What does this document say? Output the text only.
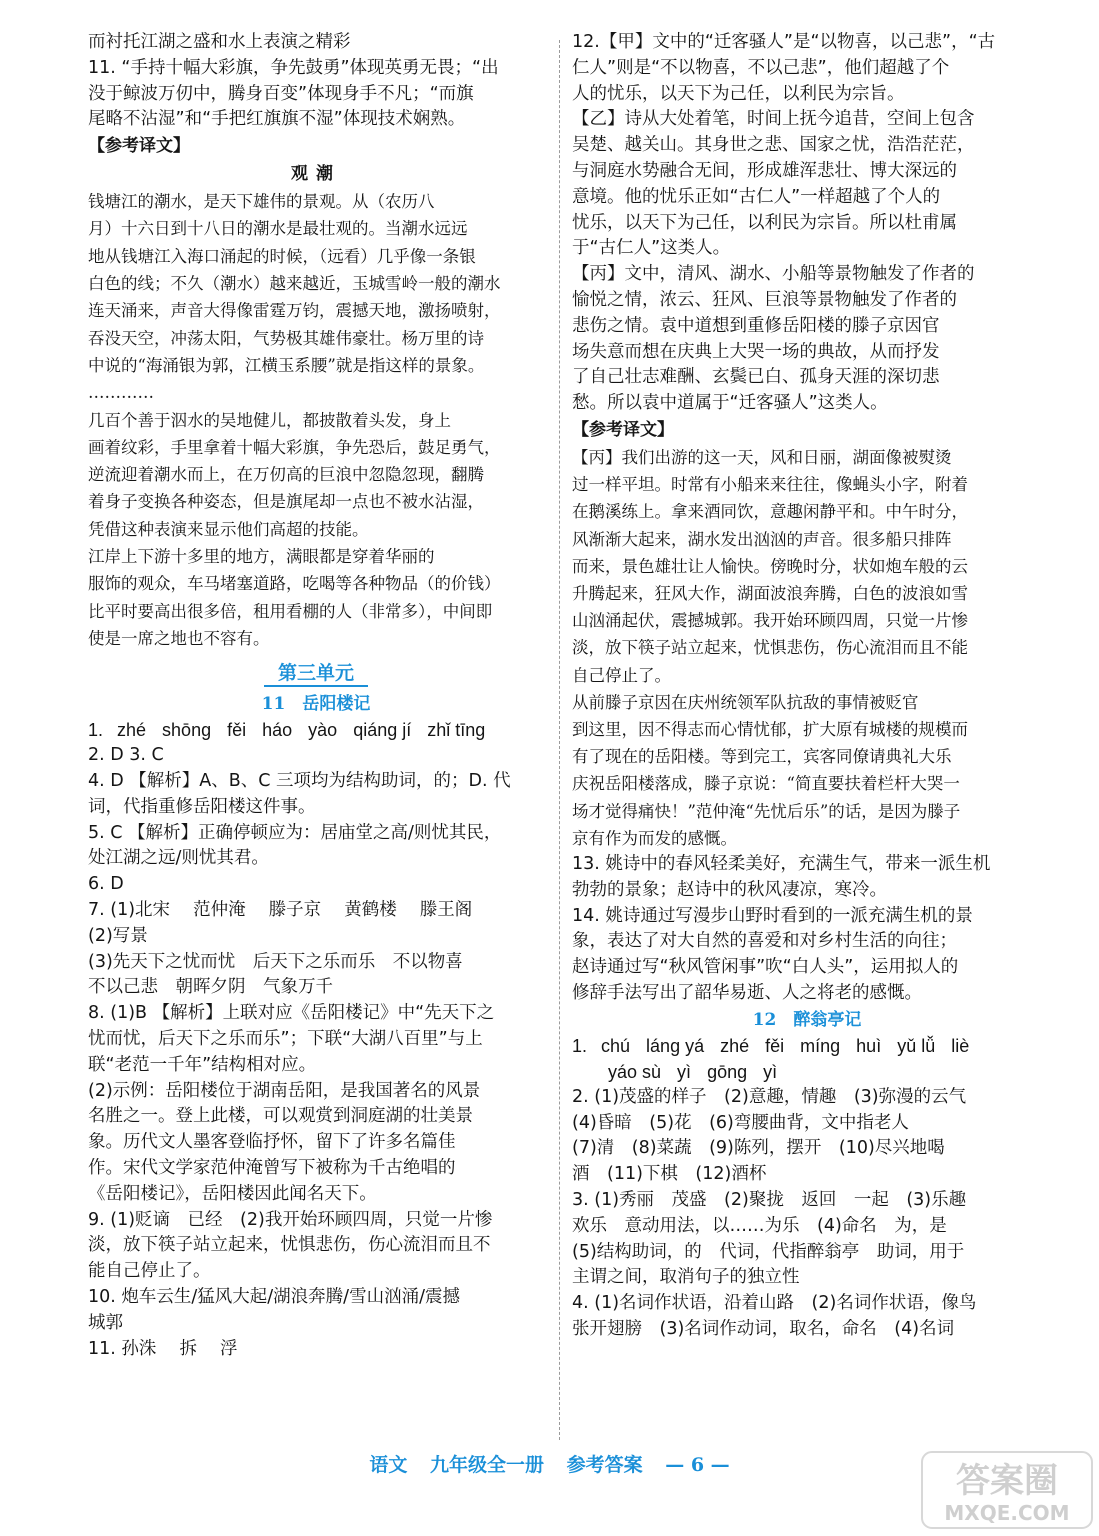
而衬托江湖之盛和水上表演之精彩
11. “手持十幅大彩旗，争先鼓勇”体现英勇无畏；“出
没于鲸波万仞中，腾身百变”体现身手不凡；“而旗
尾略不沾湿”和“手把红旗旗不湿”体现技术娴熟。
【参考译文】
观潮
钱塘江的潮水，是天下雄伟的景观。从（农历八
月）十六日到十八日的潮水是最壮观的。当潮水远远
地从钱塘江入海口涌起的时候，（远看）几乎像一条银
白色的线；不久（潮水）越来越近，玉城雪岭一般的潮水
连天涌来，声音大得像雷霆万钧，震撼天地，激扬喷射，
吞没天空，冲荡太阳，气势极其雄伟豪壮。杨万里的诗
中说的“海涌银为郭，江横玉系腰”就是指这样的景象。
…………
几百个善于泅水的吴地健儿，都披散着头发，身上
画着纹彩，手里拿着十幅大彩旗，争先恐后，鼓足勇气，
逆流迎着潮水而上，在万仞高的巨浪中忽隐忽现，翻腾
着身子变换各种姿态，但是旗尾却一点也不被水沾湿，
凭借这种表演来显示他们高超的技能。
江岸上下游十多里的地方，满眼都是穿着华丽的
服饰的观众，车马堵塞道路，吃喝等各种物品（的价钱）
比平时要高出很多倍，租用看棚的人（非常多），中间即
使是一席之地也不容有。
第三单元
11　岳阳楼记
1. zhé shōng fěi háo yào qiáng jí zhǐ tīng
2. D 3. C
4. D 【解析】A、B、C 三项均为结构助词，的；D. 代
词，代指重修岳阳楼这件事。
5. C 【解析】正确停顿应为：居庙堂之高/则忧其民，
处江湖之远/则忧其君。
6. D
7. (1)北宋　 范仲淹　 滕子京　 黄鹤楼　 滕王阁
(2)写景
(3)先天下之忧而忧　后天下之乐而乐　不以物喜
不以己悲　朝晖夕阴　气象万千
8. (1)B 【解析】上联对应《岳阳楼记》中“先天下之
忧而忧，后天下之乐而乐”；下联“大湖八百里”与上
联“老范一千年”结构相对应。
(2)示例：岳阳楼位于湖南岳阳，是我国著名的风景
名胜之一。登上此楼，可以观赏到洞庭湖的壮美景
象。历代文人墨客登临抒怀，留下了许多名篇佳
作。宋代文学家范仲淹曾写下被称为千古绝唱的
《岳阳楼记》，岳阳楼因此闻名天下。
9. (1)贬谪　已经　(2)我开始环顾四周，只觉一片惨
淡，放下筷子站立起来，忧惧悲伤，伤心流泪而且不
能自己停止了。
10. 炮车云生/猛风大起/湖浪奔腾/雪山汹涌/震撼
城郭
11. 孙洙　 拆　 浮
12.【甲】文中的“迁客骚人”是“以物喜，以己悲”，“古
仁人”则是“不以物喜，不以己悲”，他们超越了个
人的忧乐，以天下为己任，以利民为宗旨。
【乙】诗从大处着笔，时间上抚今追昔，空间上包含
吴楚、越关山。其身世之悲、国家之忧，浩浩茫茫，
与洞庭水势融合无间，形成雄浑悲壮、博大深远的
意境。他的忧乐正如“古仁人”一样超越了个人的
忧乐，以天下为己任，以利民为宗旨。所以杜甫属
于“古仁人”这类人。
【丙】文中，清风、湖水、小船等景物触发了作者的
愉悦之情，浓云、狂风、巨浪等景物触发了作者的
悲伤之情。袁中道想到重修岳阳楼的滕子京因官
场失意而想在庆典上大哭一场的典故，从而抒发
了自己壮志难酬、玄鬓已白、孤身天涯的深切悲
愁。所以袁中道属于“迁客骚人”这类人。
【参考译文】
【丙】我们出游的这一天，风和日丽，湖面像被熨烫
过一样平坦。时常有小船来来往往，像蝇头小字，附着
在鹅溪练上。拿来酒同饮，意趣闲静平和。中午时分，
风渐渐大起来，湖水发出汹汹的声音。很多船只排阵
而来，景色雄壮让人愉快。傍晚时分，状如炮车般的云
升腾起来，狂风大作，湖面波浪奔腾，白色的波浪如雪
山汹涌起伏，震撼城郭。我开始环顾四周，只觉一片惨
淡，放下筷子站立起来，忧惧悲伤，伤心流泪而且不能
自己停止了。
从前滕子京因在庆州统领军队抗敌的事情被贬官
到这里，因不得志而心情忧郁，扩大原有城楼的规模而
有了现在的岳阳楼。等到完工，宾客同僚请典礼大乐
庆祝岳阳楼落成，滕子京说：“简直要扶着栏杆大哭一
场才觉得痛快！”范仲淹“先忧后乐”的话，是因为滕子
京有作为而发的感慨。
13. 姚诗中的春风轻柔美好，充满生气，带来一派生机
勃勃的景象；赵诗中的秋风凄凉，寒冷。
14. 姚诗通过写漫步山野时看到的一派充满生机的景
象，表达了对大自然的喜爱和对乡村生活的向往；
赵诗通过写“秋风管闲事”吹“白人头”，运用拟人的
修辞手法写出了韶华易逝、人之将老的感慨。
12　醉翁亭记
1. chú láng yá zhé fěi míng huì yǔ lǚ liè
yáo sù yì gōng yì
2. (1)茂盛的样子　(2)意趣，情趣　(3)弥漫的云气
(4)昏暗　(5)花　(6)弯腰曲背，文中指老人
(7)清　(8)菜蔬　(9)陈列，摆开　(10)尽兴地喝
酒　(11)下棋　(12)酒杯
3. (1)秀丽　茂盛　(2)聚拢　返回　一起　(3)乐趣
欢乐　意动用法，以……为乐　(4)命名　为，是
(5)结构助词，的　代词，代指醉翁亭　助词，用于
主谓之间，取消句子的独立性
4. (1)名词作状语，沿着山路　(2)名词作状语，像鸟
张开翅膀　(3)名词作动词，取名，命名　(4)名词
语文 九年级全一册 参考答案 — 6 —	答案圈
MXQE.COM
